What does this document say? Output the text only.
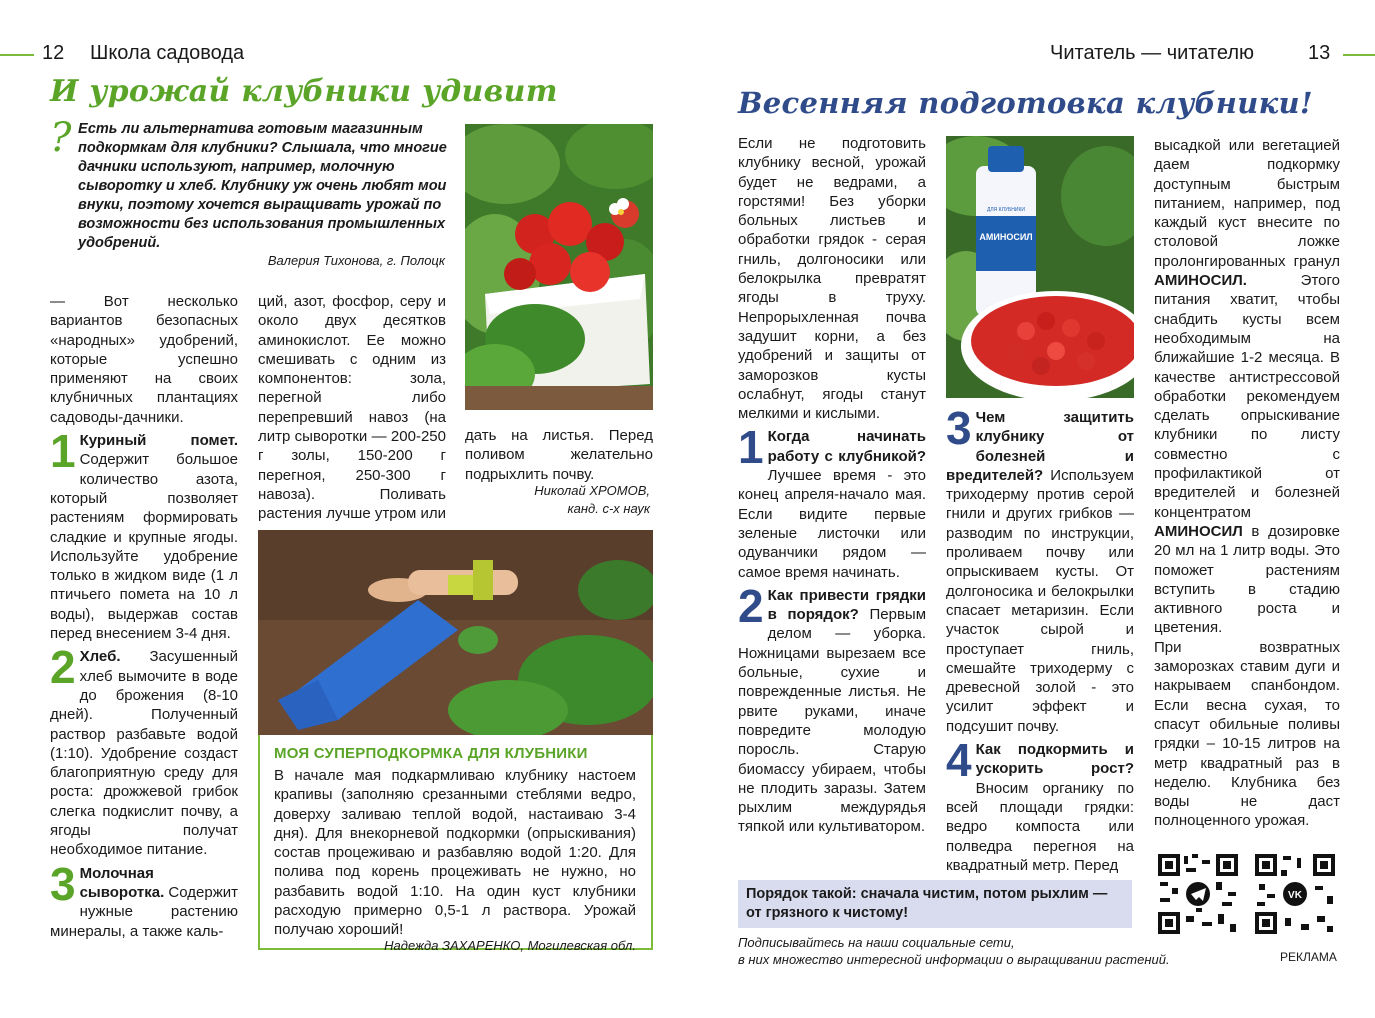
12 Школа садовода	Читатель — читателю	13
И урожай клубники удивит
? Есть ли альтернатива готовым магазинным подкормкам для клубники? Слышала, что многие дачники используют, например, молочную сыворотку и хлеб. Клубнику уж очень любят мои внуки, поэтому хочется выращивать урожай по возможности без использования промышленных удобрений.
Валерия Тихонова, г. Полоцк

— Вот несколько вариантов безопасных «народных» удобрений, которые успешно применяют на своих клубничных плантациях садоводы-дачники.

1 Куриный помет. Содержит большое количество азота, который позволяет растениям формировать сладкие и крупные ягоды. Используйте удобрение только в жидком виде (1 л птичьего помета на 10 л воды), выдержав состав перед внесением 3-4 дня.

2 Хлеб. Засушенный хлеб вымочите в воде до брожения (8-10 дней). Полученный раствор разбавьте водой (1:10). Удобрение создаст благоприятную среду для роста: дрожжевой грибок слегка подкислит почву, а ягоды получат необходимое питание.

3 Молочная сыворотка. Содержит нужные растению минералы, а также каль-

ций, азот, фосфор, серу и около двух десятков аминокислот. Ее можно смешивать с одним из компонентов: зола, перегной либо перепревший навоз (на литр сыворотки — 200-250 г золы, 150-200 г перегноя, 250-300 г навоза). Поливать растения лучше утром или
дать на листья. Перед поливом желательно подрыхлить почву.
Николай ХРОМОВ,
канд. с-х наук
МОЯ СУПЕРПОДКОРМКА ДЛЯ КЛУБНИКИ
В начале мая подкармливаю клубнику настоем крапивы (заполняю срезанными стеблями ведро, доверху заливаю теплой водой, настаиваю 3-4 дня). Для внекорневой подкормки (опрыскивания) состав процеживаю и разбавляю водой 1:20. Для полива под корень процеживать не нужно, но разбавить водой 1:10. На один куст клубники расходую примерно 0,5-1 л раствора. Урожай получаю хороший!
Надежда ЗАХАРЕНКО, Могилевская обл.
Весенняя подготовка клубники!

Если не подготовить клубнику весной, урожай будет не ведрами, а горстями! Без уборки больных листьев и обработки грядок - серая гниль, долгоносики или белокрылка превратят ягоды в труху. Непрорыхленная почва задушит корни, а без удобрений и защиты от заморозков кусты ослабнут, ягоды станут мелкими и кислыми.

1 Когда начинать работу с клубникой? Лучшее время - это конец апреля-начало мая. Если видите первые зеленые листочки или одуванчики рядом — самое время начинать.

2 Как привести грядки в порядок? Первым делом — уборка. Ножницами вырезаем все больные, сухие и поврежденные листья. Не рвите руками, иначе повредите молодую поросль. Старую биомассу убираем, чтобы не плодить заразы. Затем рыхлим междурядья тяпкой или культиватором.

АМИНОСИЛ
ДЛЯ КЛУБНИКИ

3 Чем защитить клубнику от болезней и вредителей? Используем триходерму против серой гнили и других грибков — разводим по инструкции, проливаем почву или опрыскиваем кусты. От долгоносика и белокрылки спасает метаризин. Если участок сырой и проступает гниль, смешайте триходерму с древесной золой - это усилит эффект и подсушит почву.

4 Как подкормить и ускорить рост? Вносим органику по всей площади грядки: ведро компоста или полведра перегноя на квадратный метр. Перед

высадкой или вегетацией даем подкормку доступным быстрым питанием, например, под каждый куст внесите по столовой ложке пролонгированных гранул АМИНОСИЛ. Этого питания хватит, чтобы снабдить кусты всем необходимым на ближайшие 1-2 месяца. В качестве антистрессовой обработки рекомендуем сделать опрыскивание клубники по листу совместно с профилактикой от вредителей и болезней концентратом АМИНОСИЛ в дозировке 20 мл на 1 литр воды. Это поможет растениям вступить в стадию активного роста и цветения.

При возвратных заморозках ставим дуги и накрываем спанбондом. Если весна сухая, то спасут обильные поливы грядки – 10-15 литров на метр квадратный раз в неделю. Клубника без воды не даст полноценного урожая.

Порядок такой: сначала чистим, потом рыхлим — от грязного к чистому!
VK
Подписывайтесь на наши социальные сети,
в них множество интересной информации о выращивании растений.	РЕКЛАМА
